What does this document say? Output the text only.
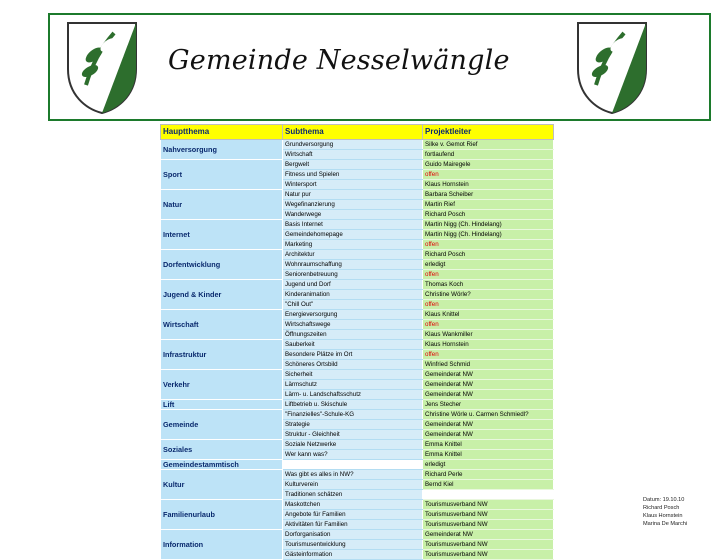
Gemeinde Nesselwängle
Hauptthema	Subthema	Projektleiter
Nahversorgung	Grundversorgung	Silke v. Gemot Rief
	Wirtschaft	fortlaufend
Sport	Bergwelt	Guido Mairegele
	Fitness und Spielen	offen
	Wintersport	Klaus Hornstein
Natur	Natur pur	Barbara Scheiber
	Wegefinanzierung	Martin Rief
	Wanderwege	Richard Posch
Internet	Basis Internet	Martin Nigg (Ch. Hindelang)
	Gemeindehomepage	Martin Nigg (Ch. Hindelang)
	Marketing	offen
Dorfentwicklung	Architektur	Richard Posch
	Wohnraumschaffung	erledigt
	Seniorenbetreuung	offen
Jugend & Kinder	Jugend und Dorf	Thomas Koch
	Kinderanimation	Christine Wörle?
	"Chill Out"	offen
Wirtschaft	Energieversorgung	Klaus Knittel
	Wirtschaftswege	offen
	Öffnungszeiten	Klaus Wankmiller
Infrastruktur	Sauberkeit	Klaus Hornstein
	Besondere Plätze im Ort	offen
	Schöneres Ortsbild	Winfried Schmid
Verkehr	Sicherheit	Gemeinderat NW
	Lärmschutz	Gemeinderat NW
	Lärm- u. Landschaftsschutz	Gemeinderat NW
Lift	Liftbetrieb u. Skischule	Jens Stecher
Gemeinde	"Finanzielles"-Schule-KG	Christine Wörle u. Carmen Schmiedl?
	Strategie	Gemeinderat NW
	Struktur - Gleichheit	Gemeinderat NW
Soziales	Soziale Netzwerke	Emma Knittel
	Wer kann was?	Emma Knittel
Gemeindestammtisch		erledigt
Kultur	Was gibt es alles in NW?	Richard Perle
	Kulturverein	Bernd Kiel
	Traditionen schätzen	
Familienurlaub	Maskottchen	Tourismusverband NW
	Angebote für Familien	Tourismusverband NW
	Aktivitäten für Familien	Tourismusverband NW
Information	Dorforganisation	Gemeinderat NW
	Tourismusentwicklung	Tourismusverband NW
	Gästeinformation	Tourismusverband NW
Datum: 19.10.10
Richard Posch
Klaus Hornstein
Marina De Marchi
